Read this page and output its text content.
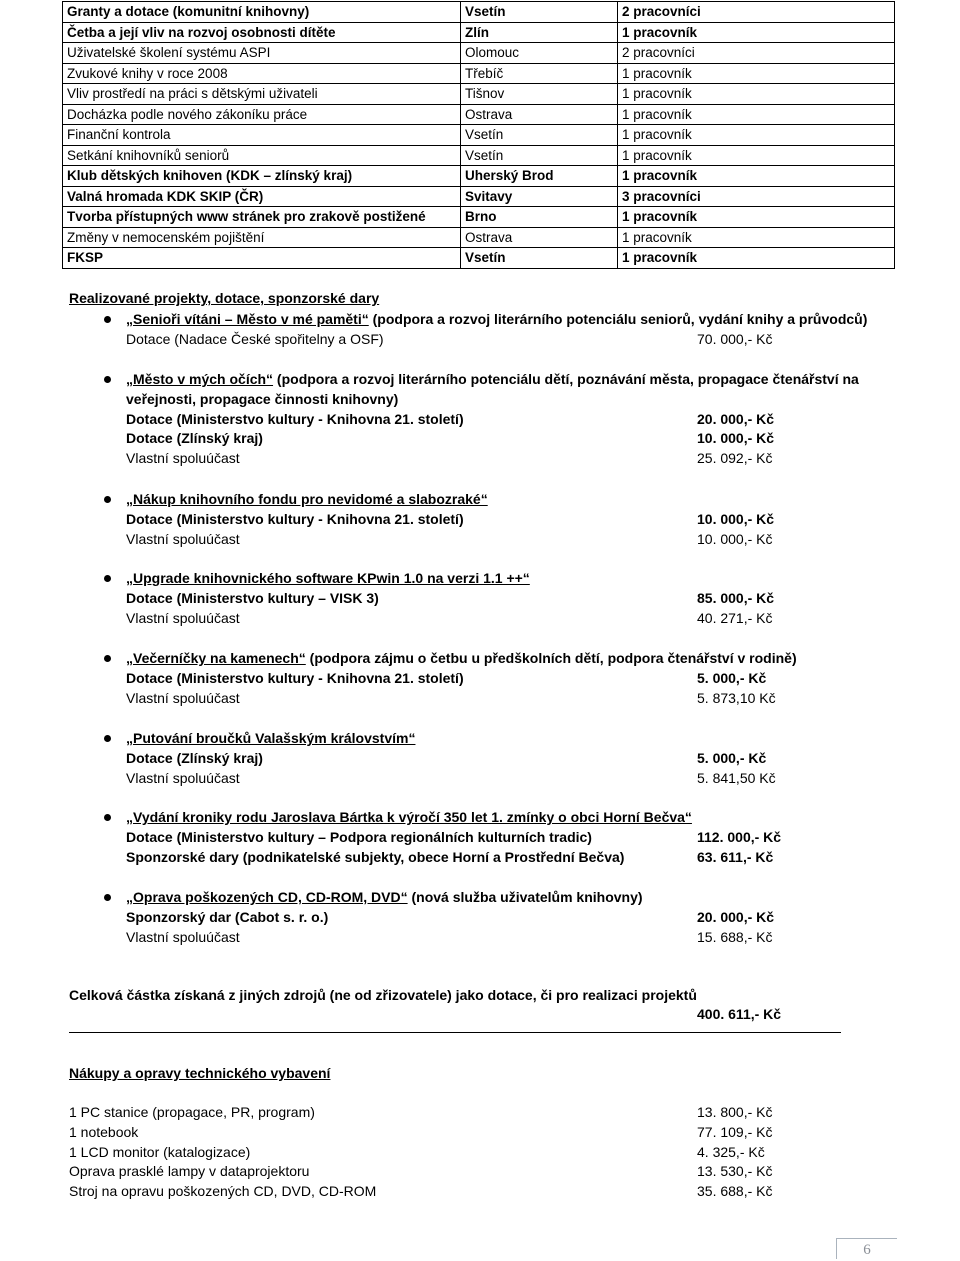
Granty a dotace (komunitní knihovny)	Vsetín	2 pracovníci
Četba a její vliv na rozvoj osobnosti dítěte	Zlín	1 pracovník
Uživatelské školení systému ASPI	Olomouc	2 pracovníci
Zvukové knihy v roce 2008	Třebíč	1 pracovník
Vliv prostředí na práci s dětskými uživateli	Tišnov	1 pracovník
Docházka podle nového zákoníku práce	Ostrava	1 pracovník
Finanční kontrola	Vsetín	1 pracovník
Setkání knihovníků seniorů	Vsetín	1 pracovník
Klub dětských knihoven (KDK – zlínský kraj)	Uherský Brod	1 pracovník
Valná hromada KDK SKIP (ČR)	Svitavy	3 pracovníci
Tvorba přístupných www stránek pro zrakově postižené	Brno	1 pracovník
Změny v nemocenském pojištění	Ostrava	1 pracovník
FKSP	Vsetín	1 pracovník
Realizované projekty, dotace, sponzorské dary
„Senioři vítáni – Město v mé paměti“ (podpora a rozvoj literárního potenciálu seniorů, vydání knihy a průvodců)
Dotace (Nadace České spořitelny a OSF)	70. 000,- Kč
„Město v mých očích“ (podpora a rozvoj literárního potenciálu dětí, poznávání města, propagace čtenářství na
veřejnosti, propagace činnosti knihovny)
Dotace (Ministerstvo kultury - Knihovna 21. století)	20. 000,- Kč
Dotace (Zlínský kraj)	10. 000,- Kč
Vlastní spoluúčast	25. 092,- Kč
„Nákup knihovního fondu pro nevidomé a slabozraké“
Dotace (Ministerstvo kultury - Knihovna 21. století)	10. 000,- Kč
Vlastní spoluúčast	10. 000,- Kč
„Upgrade knihovnického software KPwin 1.0 na verzi 1.1 ++“
Dotace (Ministerstvo kultury – VISK 3)	85. 000,- Kč
Vlastní spoluúčast	40. 271,- Kč
„Večerníčky na kamenech“ (podpora zájmu o četbu u předškolních dětí, podpora čtenářství v rodině)
Dotace (Ministerstvo kultury - Knihovna 21. století)	5. 000,- Kč
Vlastní spoluúčast	5. 873,10 Kč
„Putování broučků Valašským královstvím“
Dotace (Zlínský kraj)	5. 000,- Kč
Vlastní spoluúčast	5. 841,50 Kč
„Vydání kroniky rodu Jaroslava Bártka k výročí 350 let 1. zmínky o obci Horní Bečva“
Dotace (Ministerstvo kultury – Podpora regionálních kulturních tradic)	112. 000,- Kč
Sponzorské dary (podnikatelské subjekty, obece Horní a Prostřední Bečva)	63. 611,- Kč
„Oprava poškozených CD, CD-ROM, DVD“ (nová služba uživatelům knihovny)
Sponzorský dar (Cabot s. r. o.)	20. 000,- Kč
Vlastní spoluúčast	15. 688,- Kč
Celková částka získaná z jiných zdrojů (ne od zřizovatele) jako dotace, či pro realizaci projektů
400. 611,- Kč
Nákupy a opravy technického vybavení
1 PC stanice (propagace, PR, program)	13. 800,- Kč
1 notebook	77. 109,- Kč
1 LCD monitor (katalogizace)	4. 325,- Kč
Oprava prasklé lampy v dataprojektoru	13. 530,- Kč
Stroj na opravu poškozených CD, DVD, CD-ROM	35. 688,- Kč
6
